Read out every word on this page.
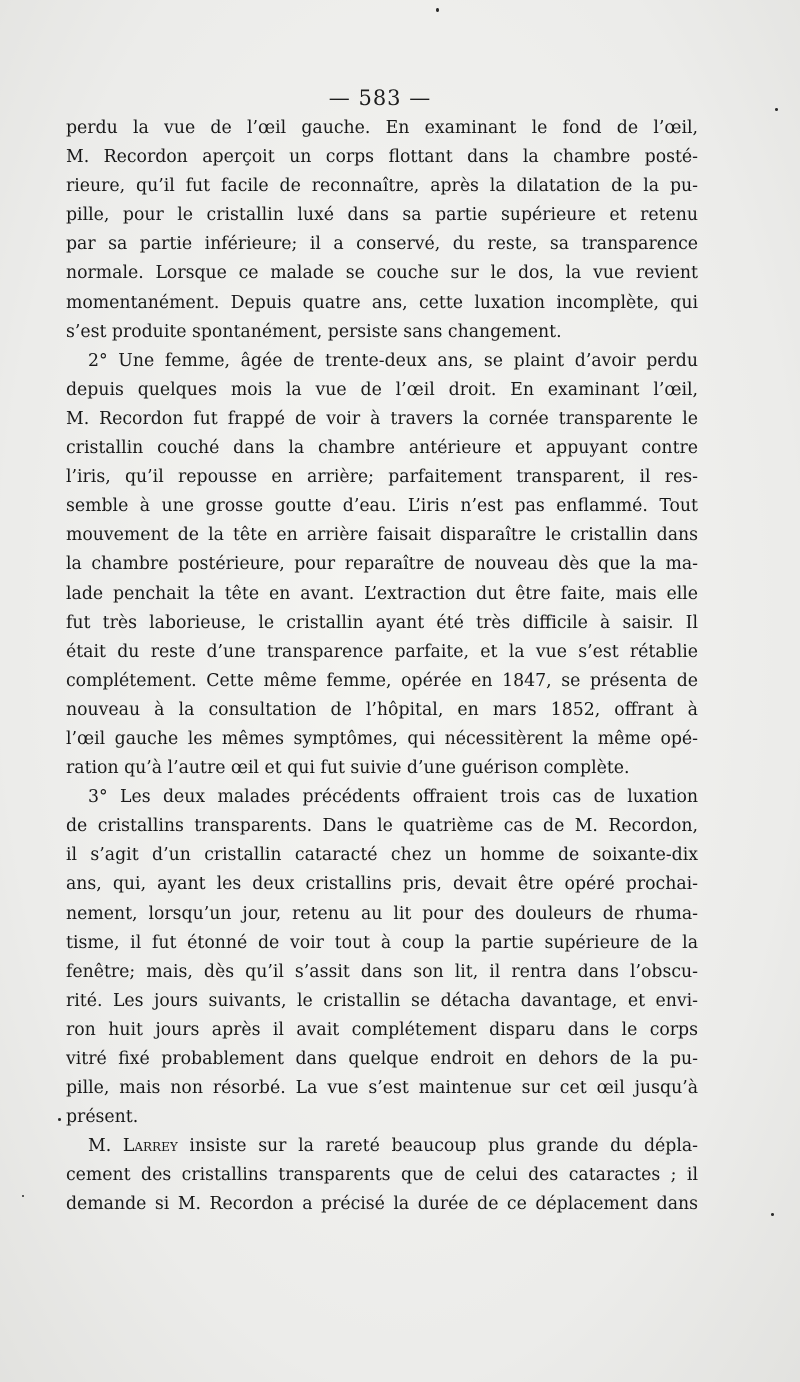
— 583 —
perdu la vue de l’œil gauche. En examinant le fond de l’œil,
M. Recordon aperçoit un corps flottant dans la chambre posté-
rieure, qu’il fut facile de reconnaître, après la dilatation de la pu-
pille, pour le cristallin luxé dans sa partie supérieure et retenu
par sa partie inférieure; il a conservé, du reste, sa transparence
normale. Lorsque ce malade se couche sur le dos, la vue revient
momentanément. Depuis quatre ans, cette luxation incomplète, qui
s’est produite spontanément, persiste sans changement.
2° Une femme, âgée de trente-deux ans, se plaint d’avoir perdu
depuis quelques mois la vue de l’œil droit. En examinant l’œil,
M. Recordon fut frappé de voir à travers la cornée transparente le
cristallin couché dans la chambre antérieure et appuyant contre
l’iris, qu’il repousse en arrière; parfaitement transparent, il res-
semble à une grosse goutte d’eau. L’iris n’est pas enflammé. Tout
mouvement de la tête en arrière faisait disparaître le cristallin dans
la chambre postérieure, pour reparaître de nouveau dès que la ma-
lade penchait la tête en avant. L’extraction dut être faite, mais elle
fut très laborieuse, le cristallin ayant été très difficile à saisir. Il
était du reste d’une transparence parfaite, et la vue s’est rétablie
complétement. Cette même femme, opérée en 1847, se présenta de
nouveau à la consultation de l’hôpital, en mars 1852, offrant à
l’œil gauche les mêmes symptômes, qui nécessitèrent la même opé-
ration qu’à l’autre œil et qui fut suivie d’une guérison complète.
3° Les deux malades précédents offraient trois cas de luxation
de cristallins transparents. Dans le quatrième cas de M. Recordon,
il s’agit d’un cristallin cataracté chez un homme de soixante-dix
ans, qui, ayant les deux cristallins pris, devait être opéré prochai-
nement, lorsqu’un jour, retenu au lit pour des douleurs de rhuma-
tisme, il fut étonné de voir tout à coup la partie supérieure de la
fenêtre; mais, dès qu’il s’assit dans son lit, il rentra dans l’obscu-
rité. Les jours suivants, le cristallin se détacha davantage, et envi-
ron huit jours après il avait complétement disparu dans le corps
vitré fixé probablement dans quelque endroit en dehors de la pu-
pille, mais non résorbé. La vue s’est maintenue sur cet œil jusqu’à
présent.
M. Larrey insiste sur la rareté beaucoup plus grande du dépla-
cement des cristallins transparents que de celui des cataractes ; il
demande si M. Recordon a précisé la durée de ce déplacement dans
